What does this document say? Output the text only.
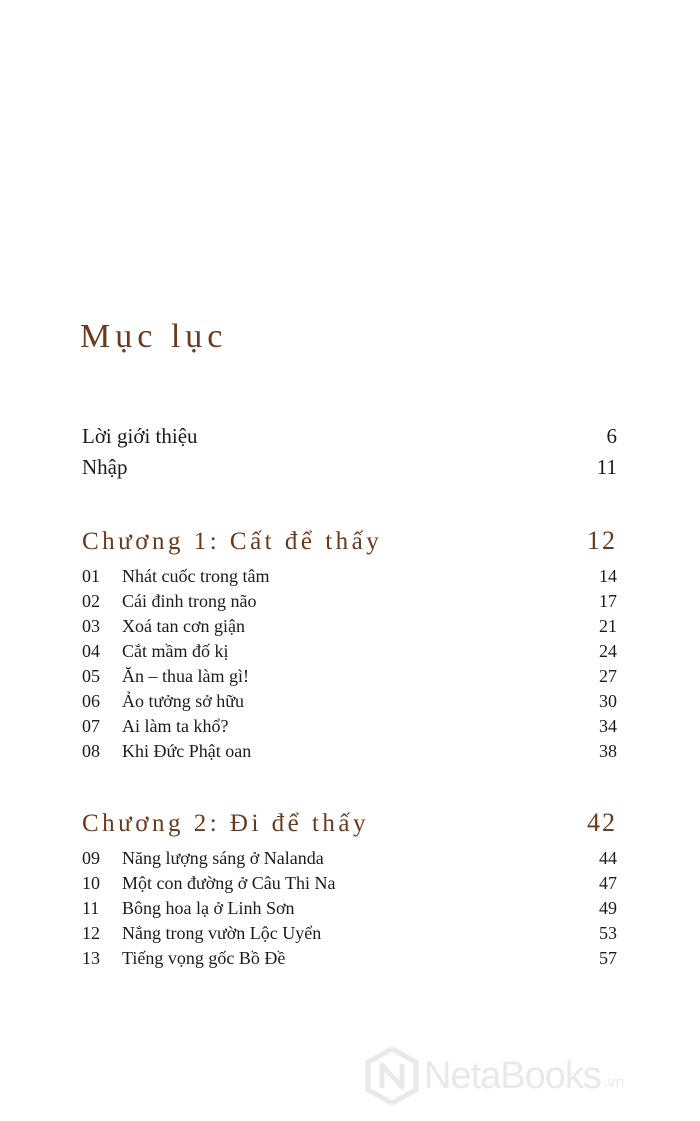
Mục lục
Lời giới thiệu	6
Nhập	11
Chương 1: Cất để thấy	12
01	Nhát cuốc trong tâm	14
02	Cái đinh trong não	17
03	Xoá tan cơn giận	21
04	Cắt mầm đố kị	24
05	Ăn – thua làm gì!	27
06	Ảo tưởng sở hữu	30
07	Ai làm ta khổ?	34
08	Khi Đức Phật oan	38
Chương 2: Đi để thấy	42
09	Năng lượng sáng ở Nalanda	44
10	Một con đường ở Câu Thi Na	47
11	Bông hoa lạ ở Linh Sơn	49
12	Nắng trong vườn Lộc Uyển	53
13	Tiếng vọng gốc Bồ Đề	57
NetaBooks .vn
